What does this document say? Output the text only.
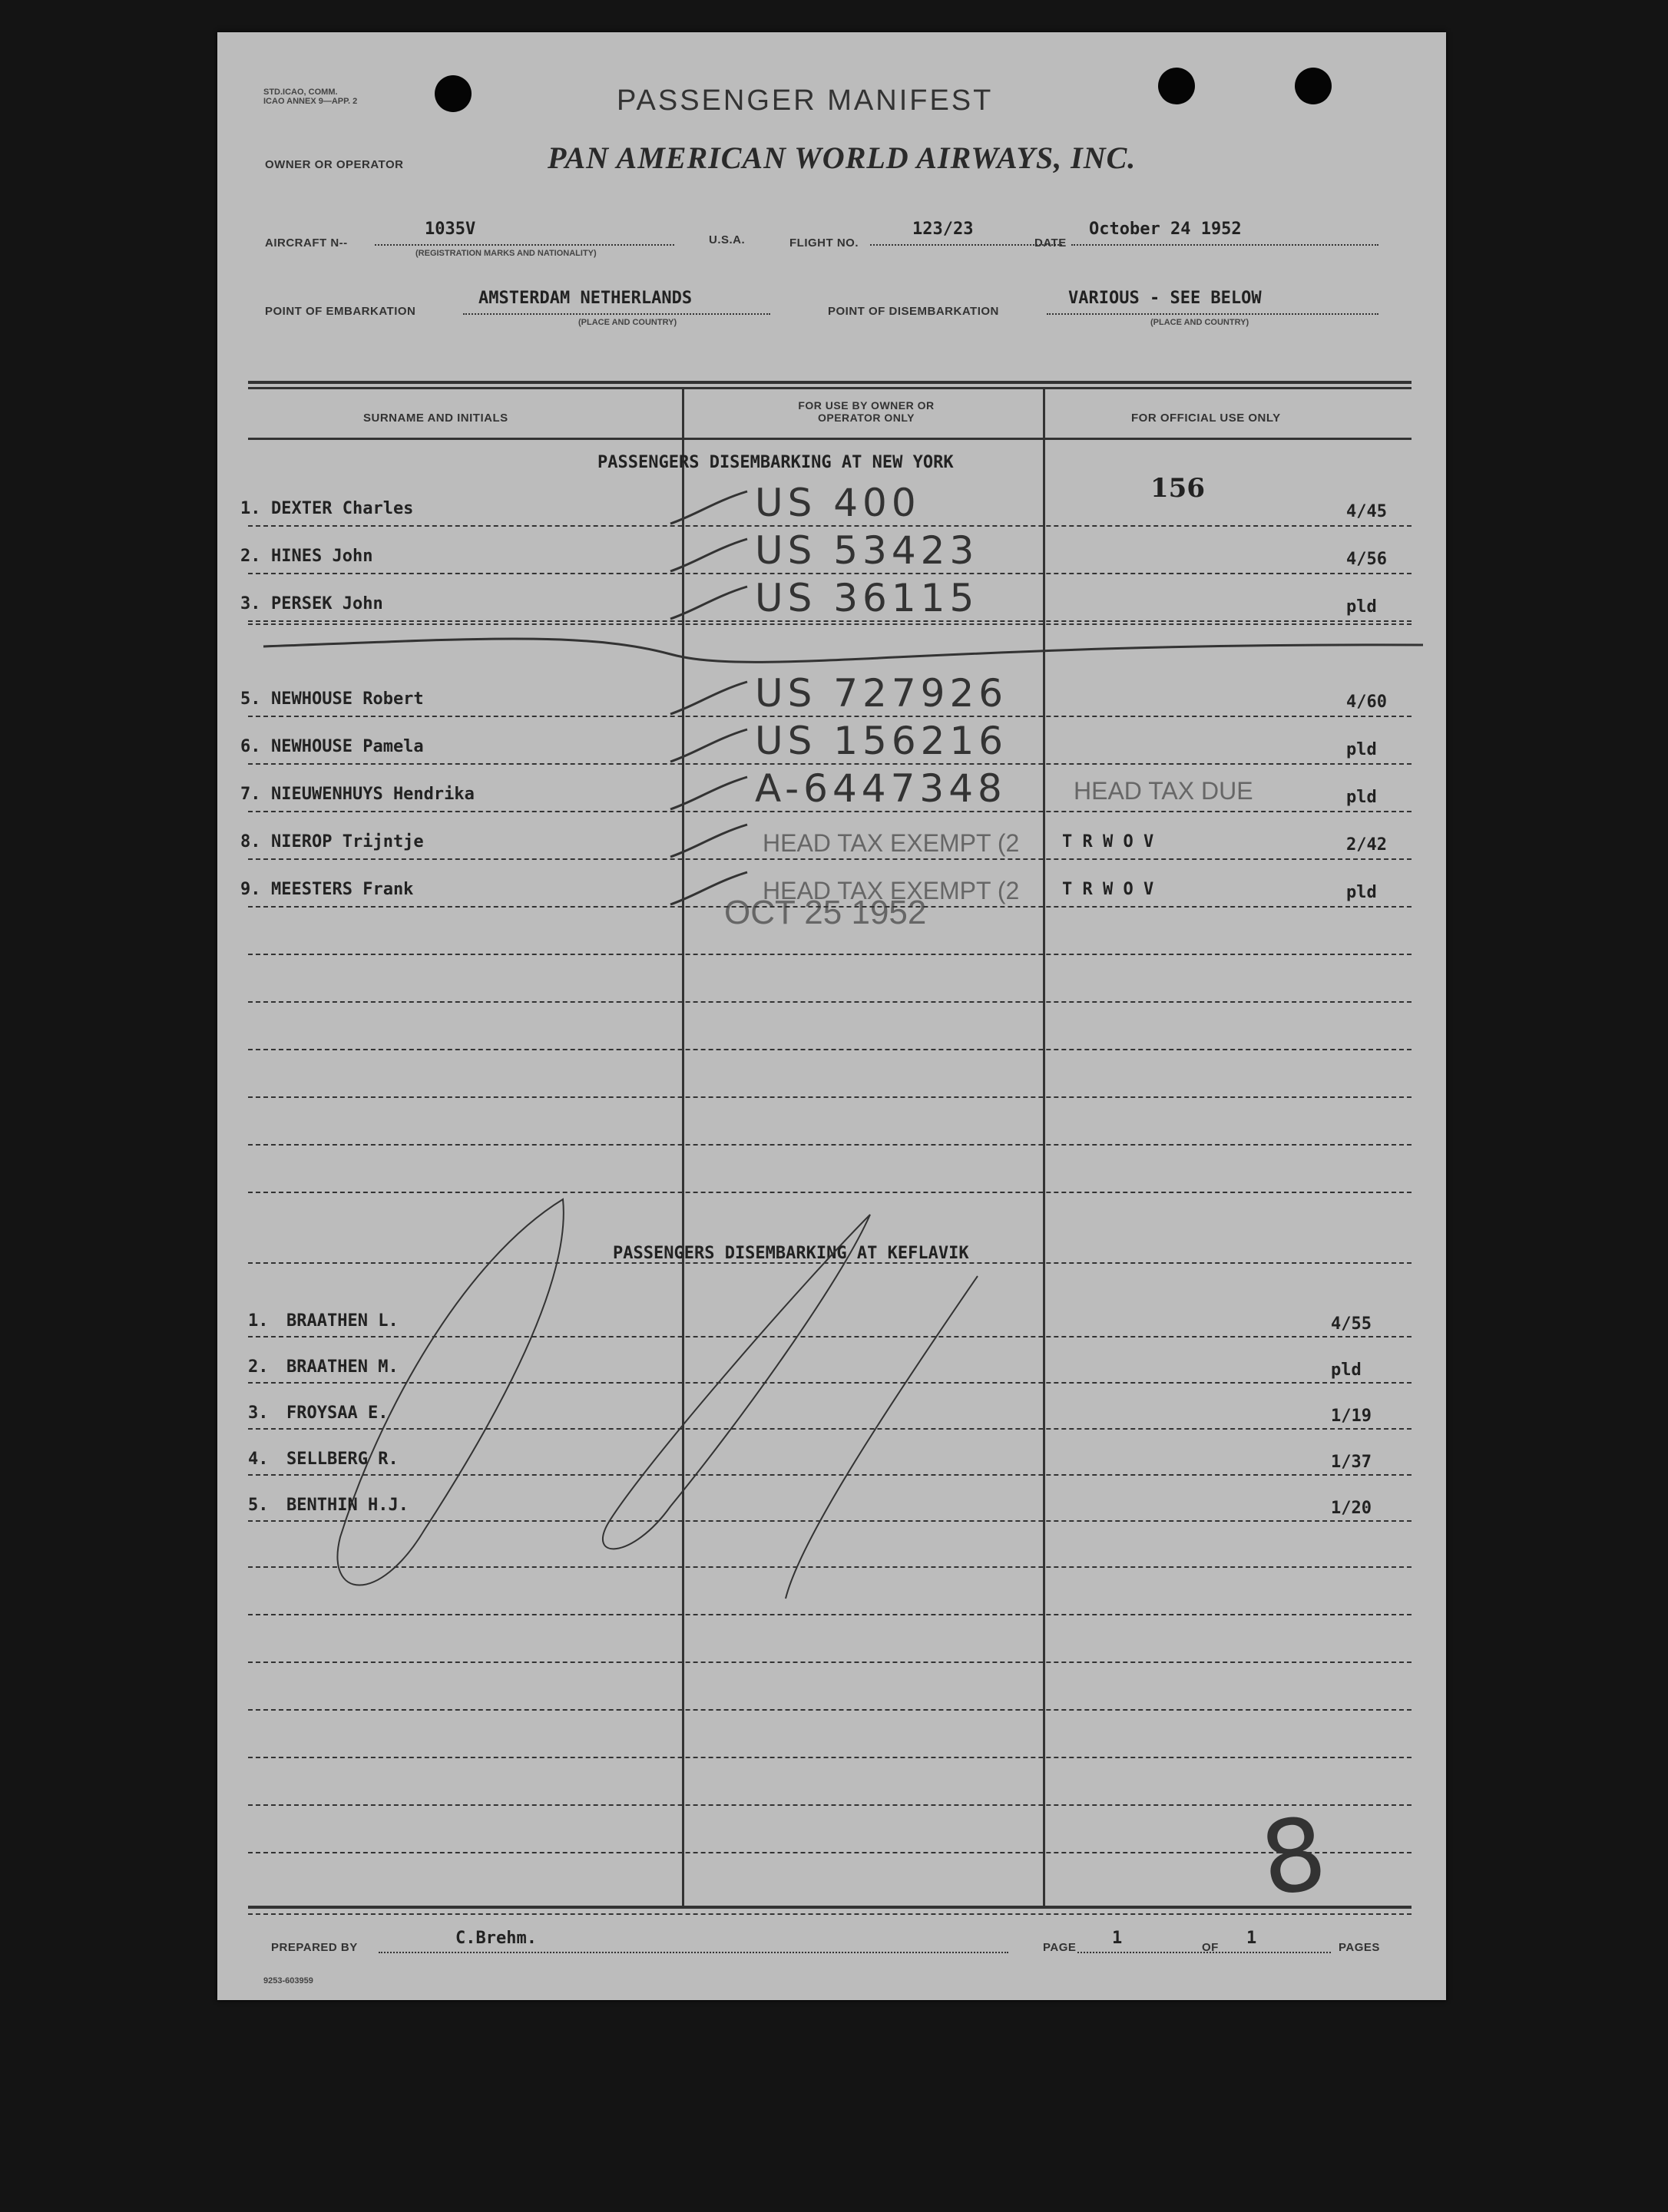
STD.ICAO, COMM.
ICAO ANNEX 9—APP. 2	PASSENGER MANIFEST
OWNER OR OPERATOR	PAN AMERICAN WORLD AIRWAYS, INC.
AIRCRAFT N--
1035V
(REGISTRATION MARKS AND NATIONALITY)
U.S.A.	FLIGHT NO.
123/23
DATE
October 24 1952
POINT OF EMBARKATION
AMSTERDAM NETHERLANDS
(PLACE AND COUNTRY)
POINT OF DISEMBARKATION
VARIOUS - SEE BELOW
(PLACE AND COUNTRY)
SURNAME AND INITIALS
FOR USE BY OWNER OR OPERATOR ONLY	FOR OFFICIAL USE ONLY
PASSENGERS DISEMBARKING AT NEW YORK
156
OCT 25 1952
PASSENGERS DISEMBARKING AT KEFLAVIK
PREPARED BY	C.Brehm.	PAGE 1	OF 1	PAGES
9253-603959
8
1. DEXTER Charles	US 400	4/45
2. HINES John	US 53423	4/56
3. PERSEK John	US 36115	pld
5. NEWHOUSE Robert	US 727926	4/60
6. NEWHOUSE Pamela	US 156216	pld
7. NIEUWENHUYS Hendrika	A-6447348	HEAD TAX DUE	pld
8. NIEROP Trijntje	HEAD TAX EXEMPT (2	T R W O V	2/42
9. MEESTERS Frank	HEAD TAX EXEMPT (2	T R W O V	pld
1. BRAATHEN L.	4/55
2. BRAATHEN M.	pld
3. FROYSAA E.	1/19
4. SELLBERG R.	1/37
5. BENTHIN H.J.	1/20
